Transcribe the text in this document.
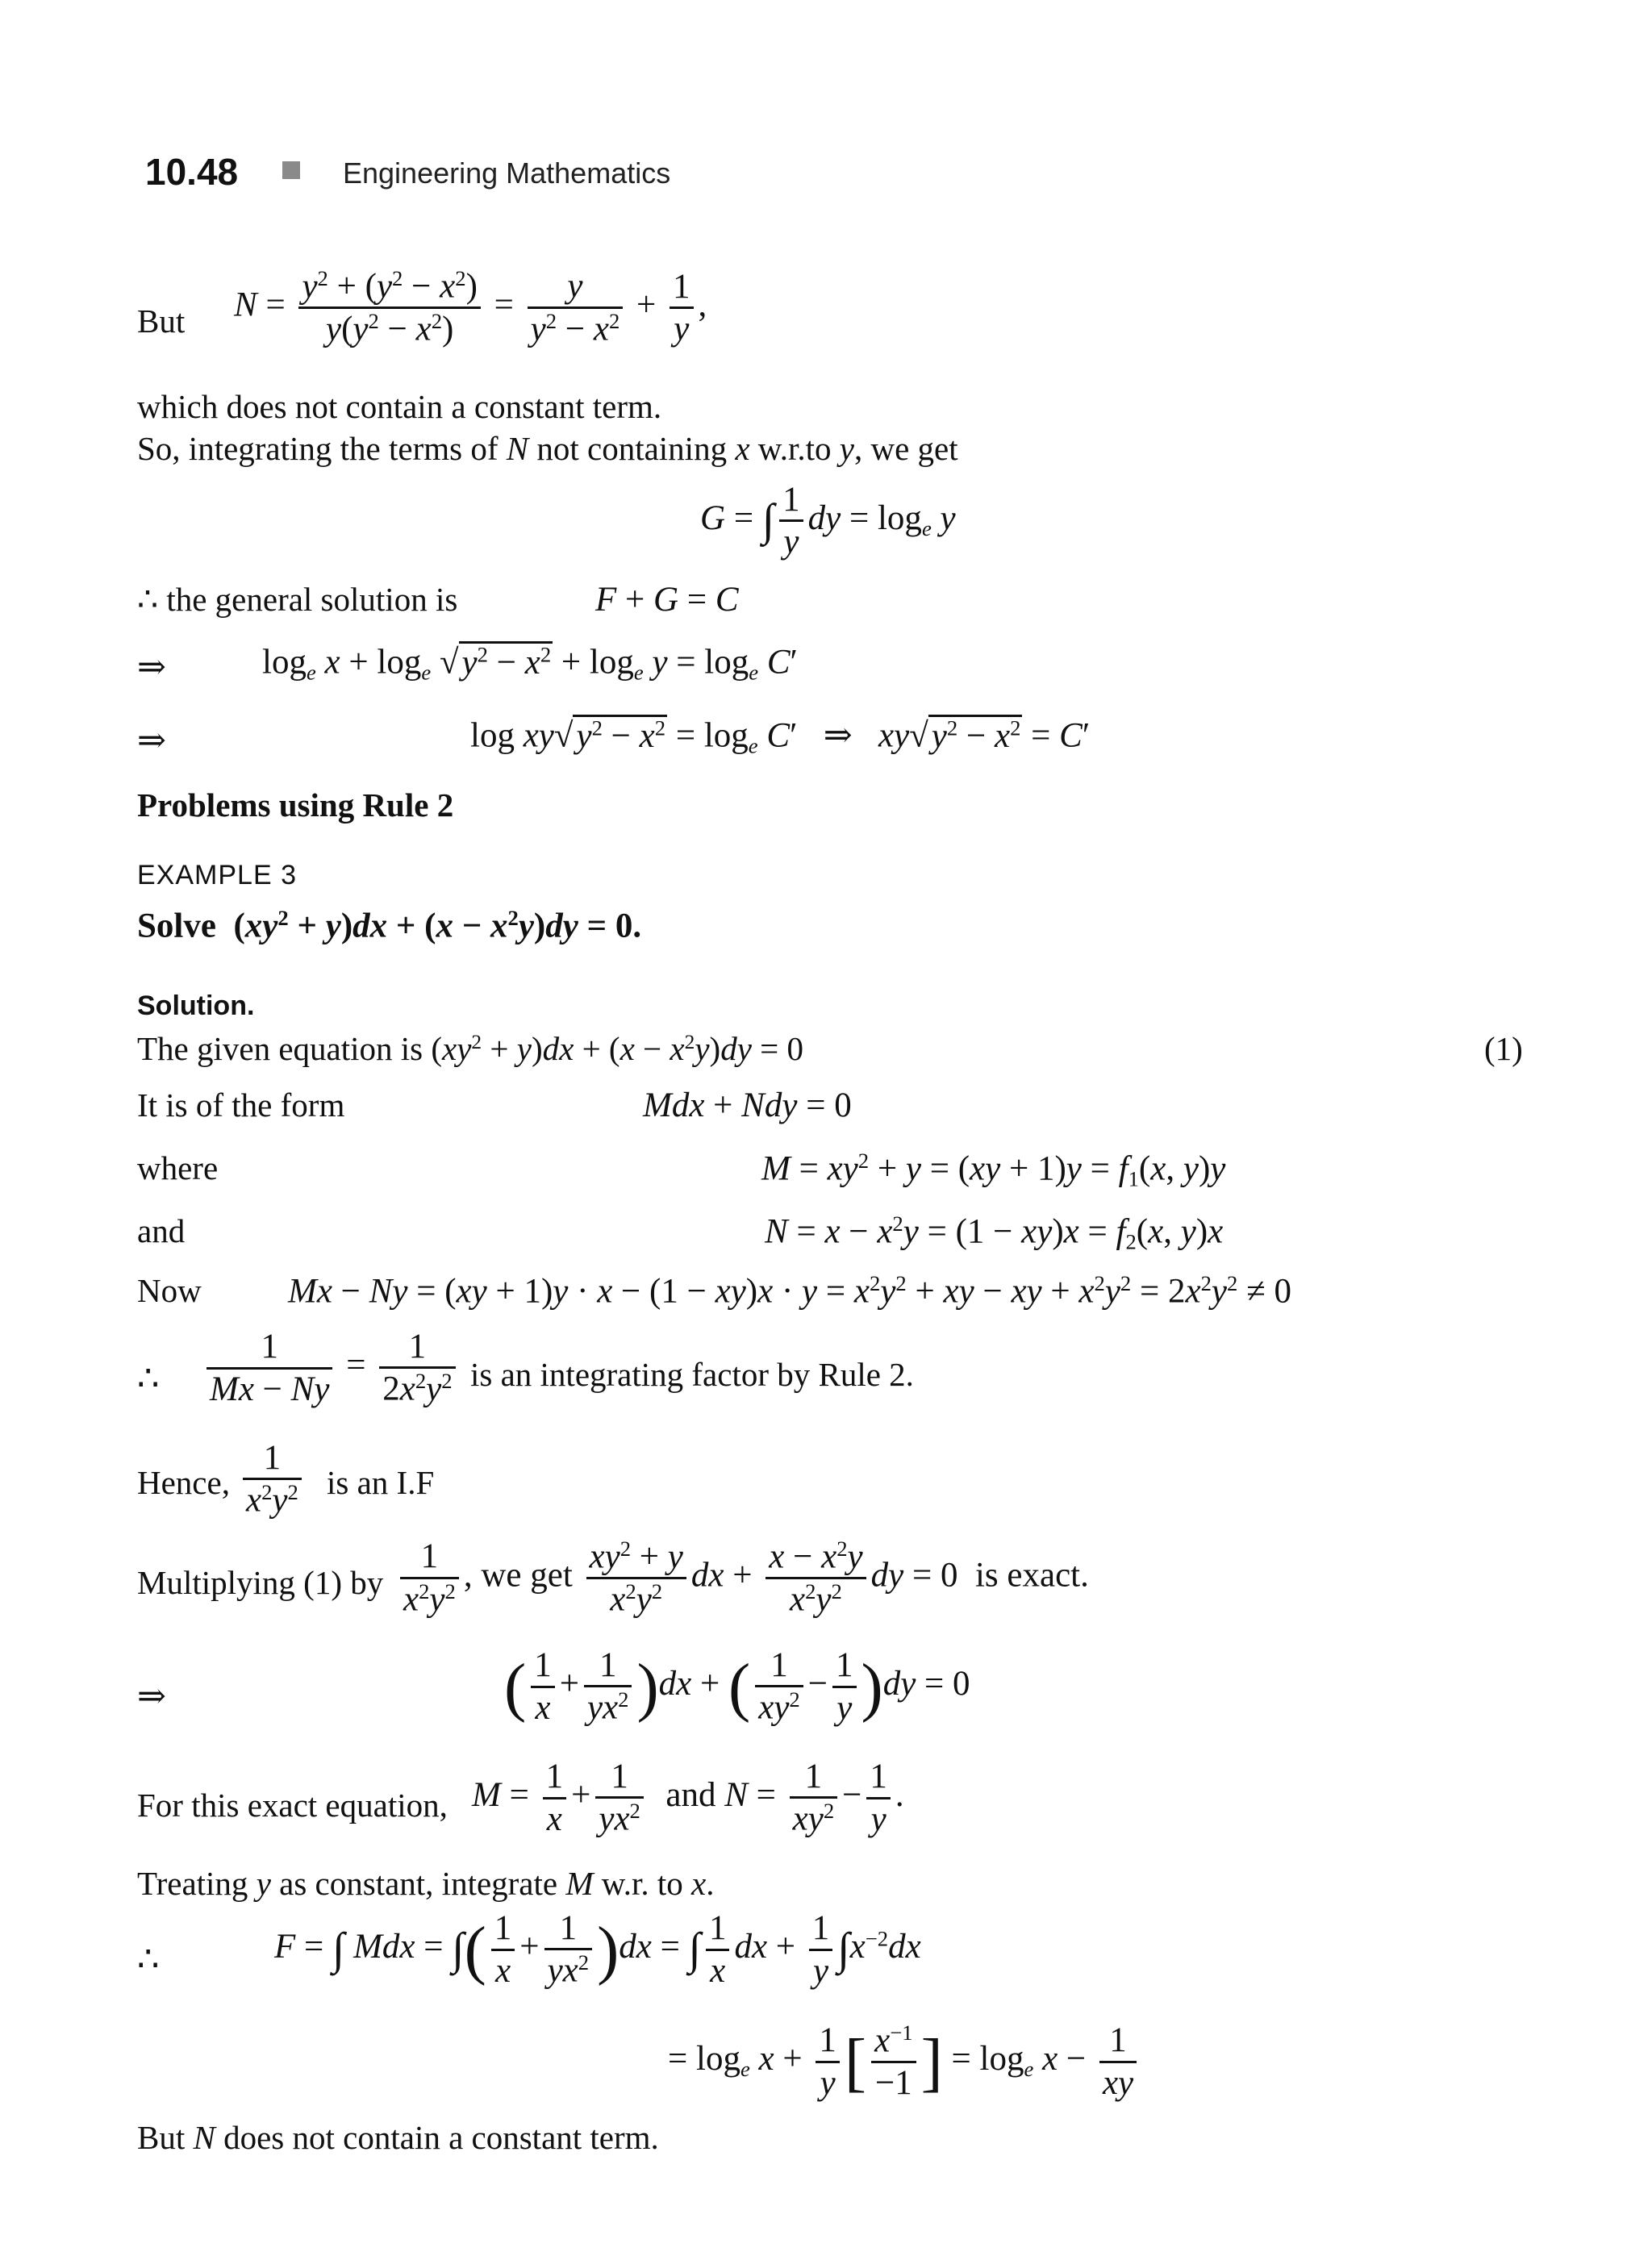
10.48	Engineering Mathematics
But $N = \frac{y^2 + (y^2 - x^2)}{y(y^2 - x^2)} = \frac{y}{y^2 - x^2} + \frac{1}{y}$ ,
which does not contain a constant term.
So, integrating the terms of N not containing x w.r.to y, we get
G = ∫ $\frac{1}{y}$ dy = $\log_e y$
∴ the general solution is	F + G = C
⇒	$\log_e x + \log_e √y^2 - x^2 + \log_e y = \log_e C'$
⇒	$\log xy√y^2 - x^2 = \log_e C'$   ⇒   $xy√y^2 - x^2 = C'$
Problems using Rule 2
EXAMPLE 3
Solve  $(xy^2 + y)dx + (x - x^2y)dy = 0$.
Solution.
The given equation is $(xy^2 + y)dx + (x - x^2y)dy = 0$	(1)
It is of the form	Mdx + Ndy = 0
where	$M = xy^2 + y = (xy + 1)y = f_1(x$, y)y
and	$N = x - x^2y = (1 - xy)x = f_2(x$, y)x
Now $Mx - Ny = (xy + 1)y \cdot x - (1 - xy)x \cdot y = x^2y^2$ + xy − xy + $x^2y^2 = 2x^2y^2 \ne 0$
∴ $\frac{1}{Mx - Ny} = \frac{1}{2x^2y^2}$ is an integrating factor by Rule 2.
Hence, $\frac{1}{x^2y^2}$ is an I.F
Multiplying (1) by $\frac{1}{x^2y^2}$ , we get $\frac{xy^2 + y}{x^2y^2}$ dx + $\frac{x - x^2y}{x^2y^2}$ dy = 0  is exact.
⇒	( $\frac{1}{x} + \frac{1}{yx^2} )dx$ + ( $\frac{1}{xy^2} - \frac{1}{y} )dy = 0$
For this exact equation, $M = \frac{1}{x} + \frac{1}{yx^2}$ and $N = \frac{1}{xy^2} - \frac{1}{y}$ .
Treating y as constant, integrate M w.r. to x.
∴	F = ∫ Mdx = ∫( $\frac{1}{x} + \frac{1}{yx^2} )dx$ = ∫ $\frac{1}{x}$ dx + $\frac{1}{y} \int x^{-2}dx$
= $\log_e x + \frac{1}{y}$ [ $\frac{x^{-1}}{-1}$ ] = $\log_e x - \frac{1}{xy}$
But N does not contain a constant term.
